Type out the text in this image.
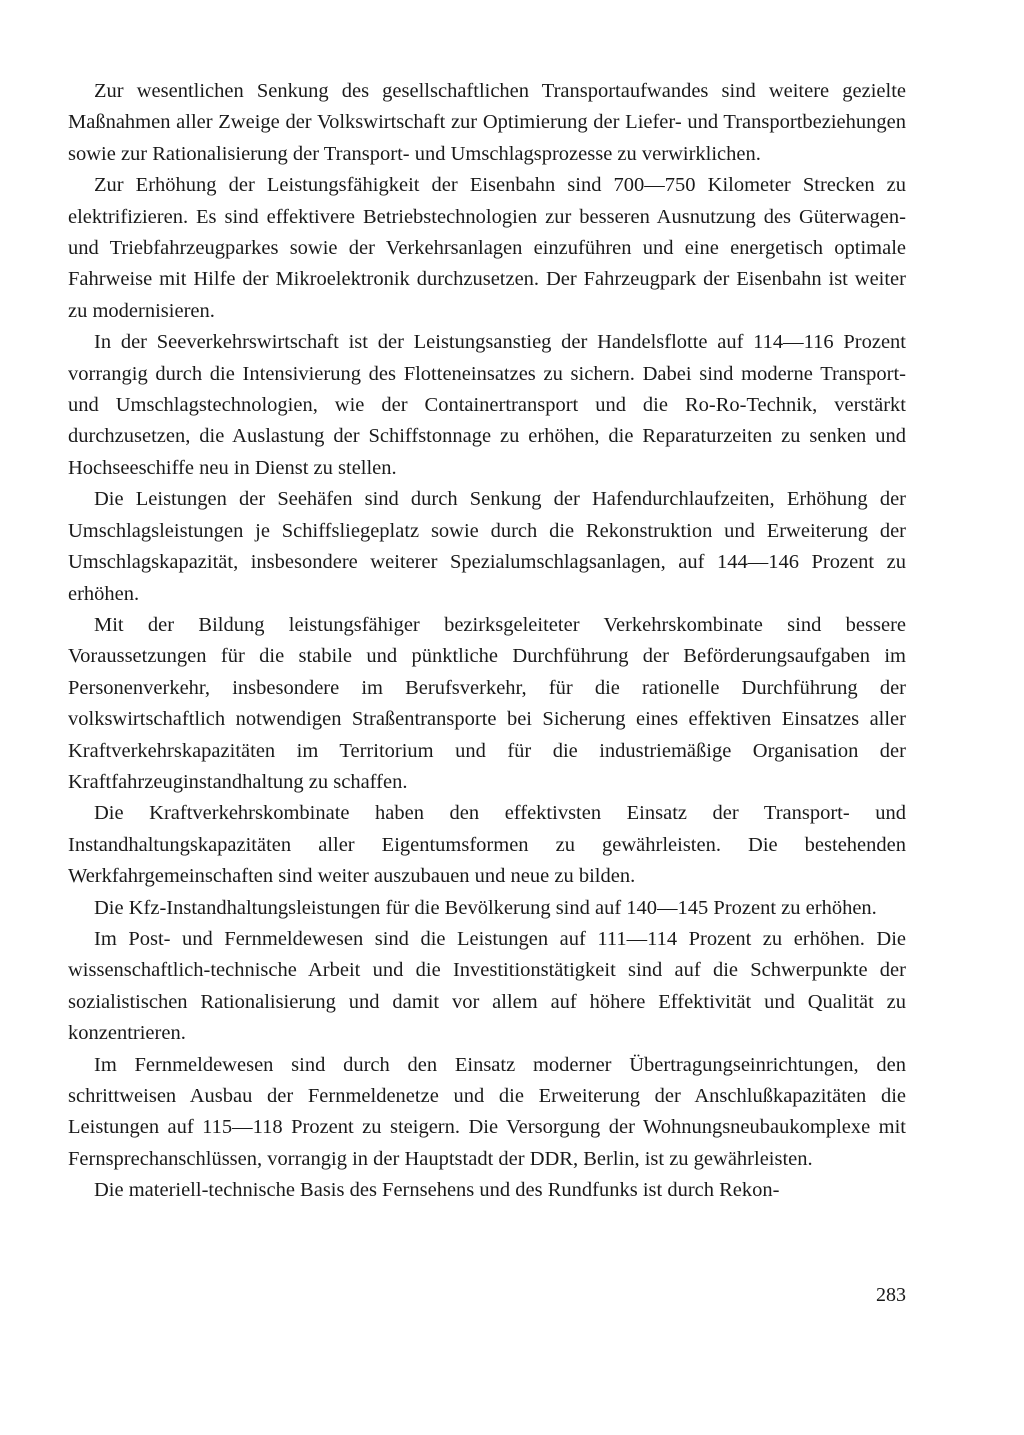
Zur wesentlichen Senkung des gesellschaftlichen Transportaufwandes sind weitere gezielte Maßnahmen aller Zweige der Volkswirtschaft zur Optimierung der Liefer- und Transportbeziehungen sowie zur Rationalisierung der Transport- und Umschlagsprozesse zu verwirklichen.

Zur Erhöhung der Leistungsfähigkeit der Eisenbahn sind 700—750 Kilometer Strecken zu elektrifizieren. Es sind effektivere Betriebstechnologien zur besseren Ausnutzung des Güterwagen- und Triebfahrzeugparkes sowie der Verkehrsanlagen einzuführen und eine energetisch optimale Fahrweise mit Hilfe der Mikroelektronik durchzusetzen. Der Fahrzeugpark der Eisenbahn ist weiter zu modernisieren.

In der Seeverkehrswirtschaft ist der Leistungsanstieg der Handelsflotte auf 114—116 Prozent vorrangig durch die Intensivierung des Flotteneinsatzes zu sichern. Dabei sind moderne Transport- und Umschlagstechnologien, wie der Containertransport und die Ro-Ro-Technik, verstärkt durchzusetzen, die Auslastung der Schiffstonnage zu erhöhen, die Reparaturzeiten zu senken und Hochseeschiffe neu in Dienst zu stellen.

Die Leistungen der Seehäfen sind durch Senkung der Hafendurchlaufzeiten, Erhöhung der Umschlagsleistungen je Schiffsliegeplatz sowie durch die Rekonstruktion und Erweiterung der Umschlagskapazität, insbesondere weiterer Spezialumschlagsanlagen, auf 144—146 Prozent zu erhöhen.

Mit der Bildung leistungsfähiger bezirksgeleiteter Verkehrskombinate sind bessere Voraussetzungen für die stabile und pünktliche Durchführung der Beförderungsaufgaben im Personenverkehr, insbesondere im Berufsverkehr, für die rationelle Durchführung der volkswirtschaftlich notwendigen Straßentransporte bei Sicherung eines effektiven Einsatzes aller Kraftverkehrskapazitäten im Territorium und für die industriemäßige Organisation der Kraftfahrzeuginstandhaltung zu schaffen.

Die Kraftverkehrskombinate haben den effektivsten Einsatz der Transport- und Instandhaltungskapazitäten aller Eigentumsformen zu gewährleisten. Die bestehenden Werkfahrgemeinschaften sind weiter auszubauen und neue zu bilden.

Die Kfz-Instandhaltungsleistungen für die Bevölkerung sind auf 140—145 Prozent zu erhöhen.

Im Post- und Fernmeldewesen sind die Leistungen auf 111—114 Prozent zu erhöhen. Die wissenschaftlich-technische Arbeit und die Investitionstätigkeit sind auf die Schwerpunkte der sozialistischen Rationalisierung und damit vor allem auf höhere Effektivität und Qualität zu konzentrieren.

Im Fernmeldewesen sind durch den Einsatz moderner Übertragungseinrichtungen, den schrittweisen Ausbau der Fernmeldenetze und die Erweiterung der Anschlußkapazitäten die Leistungen auf 115—118 Prozent zu steigern. Die Versorgung der Wohnungsneubaukomplexe mit Fernsprechanschlüssen, vorrangig in der Hauptstadt der DDR, Berlin, ist zu gewährleisten.

Die materiell-technische Basis des Fernsehens und des Rundfunks ist durch Rekon-

283
